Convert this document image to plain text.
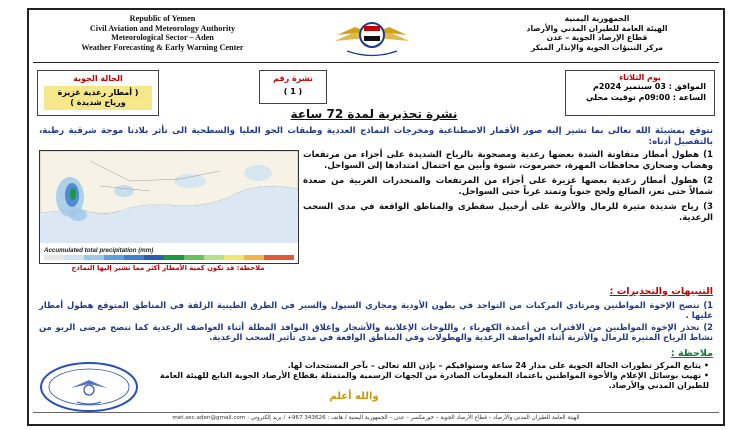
Republic of Yemen
Civil Aviation and Meteorology Authority
Meteorological Sector – Aden
Weather Forecasting & Early Warning Center
الجمهورية اليمنية
الهيئة العامة للطيران المدني والأرصاد
قطاع الإرصاد الجوية – عدن
مركز التنبؤات الجوية والإنذار المبكر
الحالة الجوية
( أمطار رعدية غزيرة
ورياح شديدة )
نشرة رقم
( 1 )
يوم الثلاثاء
الموافق : 03 سبتمبر 2024م
الساعة : 09:00م توقيت محلي
نشرة تحذيرية لمدة 72 ساعة
نتوقع بمشيئة الله تعالى بما تشير إليه صور الأقمار الاصطناعية ومخرجات النماذج العددية وطبقات الجو العليا والسطحية الى تأثر بلادنا موجة شرقية رطبة، بالتفصيل أدناه:
Accumulated total precipitation (mm)
ملاحظة: قد تكون كمية الأمطار أكثر مما تشير إليها النماذج

1) هطول أمطار متفاوتة الشدة بعضها رعدية ومصحوبة بالرياح الشديدة على أجزاء من مرتفعات وهضاب وصحاري محافظات المهرة، حضرموت، شبوة وأبين مع احتمال امتدادها إلى السواحل.

2) هطول أمطار رعدية بعضها غزيرة على أجزاء من المرتفعات والمنحدرات الغربية من صعدة شمالاً حتى تعز، الضالع ولحج جنوباً وتمتد غرباً حتى السواحل.

3) رياح شديدة مثيرة للرمال والأتربة على أرخبيل سقطرى والمناطق الواقعة في مدى السحب الرعدية.

التنبيهات والتحذيرات :

1) ننصح الإخوة المواطنين ومرتادي المركبات من التواجد في بطون الأودية ومجاري السيول والسير في الطرق الطينية الزلقة في المناطق المتوقع هطول أمطار عليها .

2) نحذر الإخوة المواطنين من الاقتراب من أعمدة الكهرباء ، واللوحات الإعلانية والأشجار وإغلاق النوافذ المطلة أثناء العواصف الرعدية كما ننصح مرضى الربو من نشاط الرياح المثيرة للرمال والأتربة أثناء العواصف الرعدية والهطولات وفي المناطق الواقعة في مدى تأثير السحب الرعدية.

ملاحظة :

• يتابع المركز تطورات الحالة الجوية على مدار 24 ساعة وسنوافيكم – بإذن الله تعالى – بآخر المستجدات لها.

• نهيب بوسائل الإعلام والأخوة المواطنين باعتماد المعلومات الصادرة من الجهات الرسمية والمتمثلة بقطاع الأرصاد الجوية التابع للهيئة العامة للطيران المدني والأرصاد.

والله أعلم
الهيئة العامة للطيران المدني والأرصاد – قطاع الأرصاد الجوية – خورمكسر – عدن – الجمهورية اليمنية / هاتف : 343626 967+ / بريد إلكتروني : met.sec.aden@gmail.com
